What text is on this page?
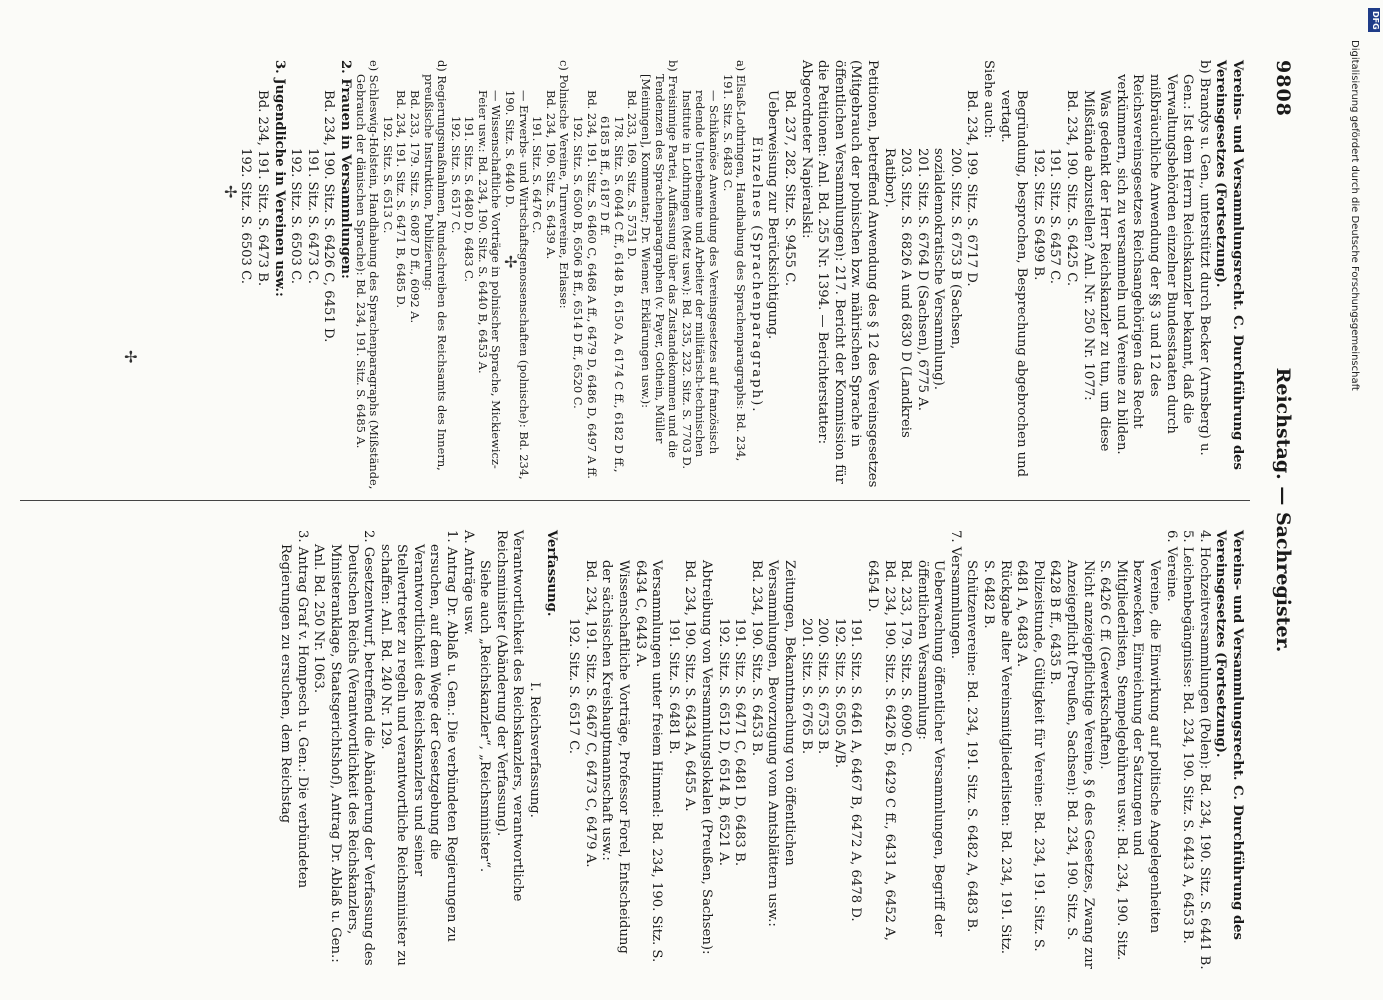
9808
Reichstag. — Sachregister.

Vereins- und Versammlungsrecht. C. Durchführung des Vereinsgesetzes (Fortsetzung).

b) Brandys u. Gen., unterstützt durch Becker (Arnsberg) u. Gen.: Ist dem Herrn Reichskanzler bekannt, daß die Verwaltungsbehörden einzelner Bundesstaaten durch mißbräuchliche Anwendung der §§ 3 und 12 des Reichsvereinsgesetzes Reichsangehörigen das Recht verkümmern, sich zu versammeln und Vereine zu bilden.

Was gedenkt der Herr Reichskanzler zu tun, um diese Mißstände abzustellen? Anl. Nr. 250 Nr. 1077:

Bd. 234, 190. Sitz. S. 6425 C.

191. Sitz. S. 6457 C.

192. Sitz. S 6499 B.

Begründung, besprochen, Besprechung abgebrochen und vertagt.

Siehe auch:

Bd. 234, 199. Sitz. S. 6717 D.

200. Sitz. S. 6753 B (Sachsen, sozialdemokratische Versammlung).

201. Sitz. S. 6764 D (Sachsen), 6775 A.

203. Sitz. S. 6826 A und 6830 D (Landkreis Ratibor).

Petitionen, betreffend Anwendung des § 12 des Vereinsgesetzes (Mitgebrauch der polnischen bzw. mährischen Sprache in öffentlichen Versammlungen): 217. Bericht der Kommission für die Petitionen: Anl. Bd. 255 Nr. 1394. — Berichterstatter: Abgeordneter Napieralski:

Bd. 237, 282. Sitz. S. 9455 C.

Ueberweisung zur Berücksichtigung.

Einzelnes (Sprachenparagraph).

a) Elsaß-Lothringen, Handhabung des Sprachenparagraphs: Bd. 234, 191. Sitz. S. 6483 C.

— Schikanöse Anwendung des Vereinsgesetzes auf französisch redende Unterbeamte und Arbeiter der militärisch-technischen Institute in Lothringen (Metz usw.): Bd. 235, 232. Sitz. S. 7703 D.

b) Freisinnige Partei, Auffassung über das Zustandekommen und die Tendenzen des Sprachenparagraphen (v. Payer, Gothein, Müller [Meiningen], Kommentar; Dr. Wiemer, Erklärungen usw.):

Bd. 233, 169. Sitz. S. 5751 D.

178. Sitz. S. 6044 C ff., 6148 B, 6150 A, 6174 C ff., 6182 D ff., 6185 B ff., 6187 D ff.

Bd. 234, 191. Sitz. S. 6460 C, 6468 A ff., 6479 D, 6486 D, 6497 A ff.

192. Sitz. S. 6500 B, 6506 B ff., 6514 D ff., 6520 C.

c) Polnische Vereine, Turnvereine, Erlasse:

Bd. 234, 190. Sitz. S. 6439 A.

191. Sitz. S. 6476 C.

— Erwerbs- und Wirtschaftsgenossenschaften (polnische): Bd. 234, 190. Sitz. S. 6440 D.

— Wissenschaftliche Vorträge in polnischer Sprache, Mickiewicz-Feier usw.: Bd. 234, 190. Sitz. S. 6440 B, 6453 A.

191. Sitz. S. 6480 D, 6483 C.

192. Sitz. S. 6517 C.

d) Regierungsmaßnahmen, Rundschreiben des Reichsamts des Innern, preußische Instruktion, Publizierung:

Bd. 233, 179. Sitz. S. 6087 D ff., 6092 A.

Bd. 234, 191. Sitz. S. 6471 B, 6485 D.

192. Sitz. S. 6513 C.

e) Schleswig-Holstein, Handhabung des Sprachenparagraphs (Mißstände, Gebrauch der dänischen Sprache): Bd. 234, 191. Sitz. S. 6485 A.

2. Frauen in Versammlungen:

Bd. 234, 190. Sitz. S. 6426 C, 6451 D.

191. Sitz. S. 6473 C.

192. Sitz. S. 6503 C.

3. Jugendliche in Vereinen usw.:

Bd. 234, 191. Sitz. S. 6473 B.

192. Sitz. S. 6503 C.

Vereins- und Versammlungsrecht. C. Durchführung des Vereinsgesetzes (Fortsetzung).

4. Hochzeitversammlungen (Polen): Bd. 234, 190. Sitz. S. 6441 B.

5. Leichenbegängnisse: Bd. 234, 190. Sitz. S. 6443 A, 6453 B.

6. Vereine.

Vereine, die Einwirkung auf politische Angelegenheiten bezwecken, Einreichung der Satzungen und Mitgliederlisten, Stempelgebühren usw.: Bd. 234, 190. Sitz. S. 6426 C ff. (Gewerkschaften).

Nicht anzeigepflichtige Vereine, § 6 des Gesetzes, Zwang zur Anzeigepflicht (Preußen, Sachsen): Bd. 234, 190. Sitz. S. 6428 B ff., 6435 B.

Polizeistunde, Gültigkeit für Vereine: Bd. 234, 191. Sitz. S. 6481 A, 6483 A.

Rückgabe alter Vereinsmitgliederlisten: Bd. 234, 191. Sitz. S. 6482 B.

Schützenvereine: Bd. 234, 191. Sitz. S. 6482 A, 6483 B.

7. Versammlungen.

Ueberwachung öffentlicher Versammlungen, Begriff der öffentlichen Versammlung:

Bd. 233, 179. Sitz. S. 6090 C.

Bd. 234, 190. Sitz. S. 6426 B, 6429 C ff., 6431 A, 6452 A, 6454 D.

191. Sitz. S. 6461 A, 6467 B, 6472 A, 6478 D.

192. Sitz. S. 6505 A/B.

200. Sitz. S. 6753 B.

201. Sitz. S. 6765 B.

Zeitungen, Bekanntmachung von öffentlichen Versammlungen, Bevorzugung vom Amtsblättern usw.:

Bd. 234, 190. Sitz. S. 6453 B.

191. Sitz. S. 6471 C, 6481 D, 6483 B.

192. Sitz. S. 6512 D, 6514 B, 6521 A.

Abtreibung von Versammlungslokalen (Preußen, Sachsen):

Bd. 234, 190. Sitz. S. 6434 A, 6455 A.

191. Sitz. S. 6481 B.

Versammlungen unter freiem Himmel: Bd. 234, 190. Sitz. S. 6434 C, 6443 A.

Wissenschaftliche Vorträge, Professor Forel, Entscheidung der sächsischen Kreishauptmannschaft usw.:

Bd. 234, 191. Sitz. S. 6467 C, 6473 C, 6479 A.

192. Sitz. S. 6517 C.

Verfassung.

I. Reichsverfassung.

Verantwortlichkeit des Reichskanzlers, verantwortliche Reichsminister (Abänderung der Verfassung).

Siehe auch „Reichskanzler“, „Reichsminister“.

A. Anträge usw.

1. Antrag Dr. Ablaß u. Gen.: Die verbündeten Regierungen zu ersuchen, auf dem Wege der Gesetzgebung die Verantwortlichkeit des Reichskanzlers und seiner Stellvertreter zu regeln und verantwortliche Reichsminister zu schaffen: Anl. Bd. 240 Nr. 129.

2. Gesetzentwurf, betreffend die Abänderung der Verfassung des Deutschen Reichs (Verantwortlichkeit des Reichskanzlers, Ministeranklage, Staatsgerichtshof), Antrag Dr. Ablaß u. Gen.: Anl. Bd. 250 Nr. 1063.

3. Antrag Graf v. Hompesch u. Gen.: Die verbündeten Regierungen zu ersuchen, dem Reichstag

✢
✢
✢
DFG
Digitalisierung gefördert durch die Deutsche Forschungsgemeinschaft
